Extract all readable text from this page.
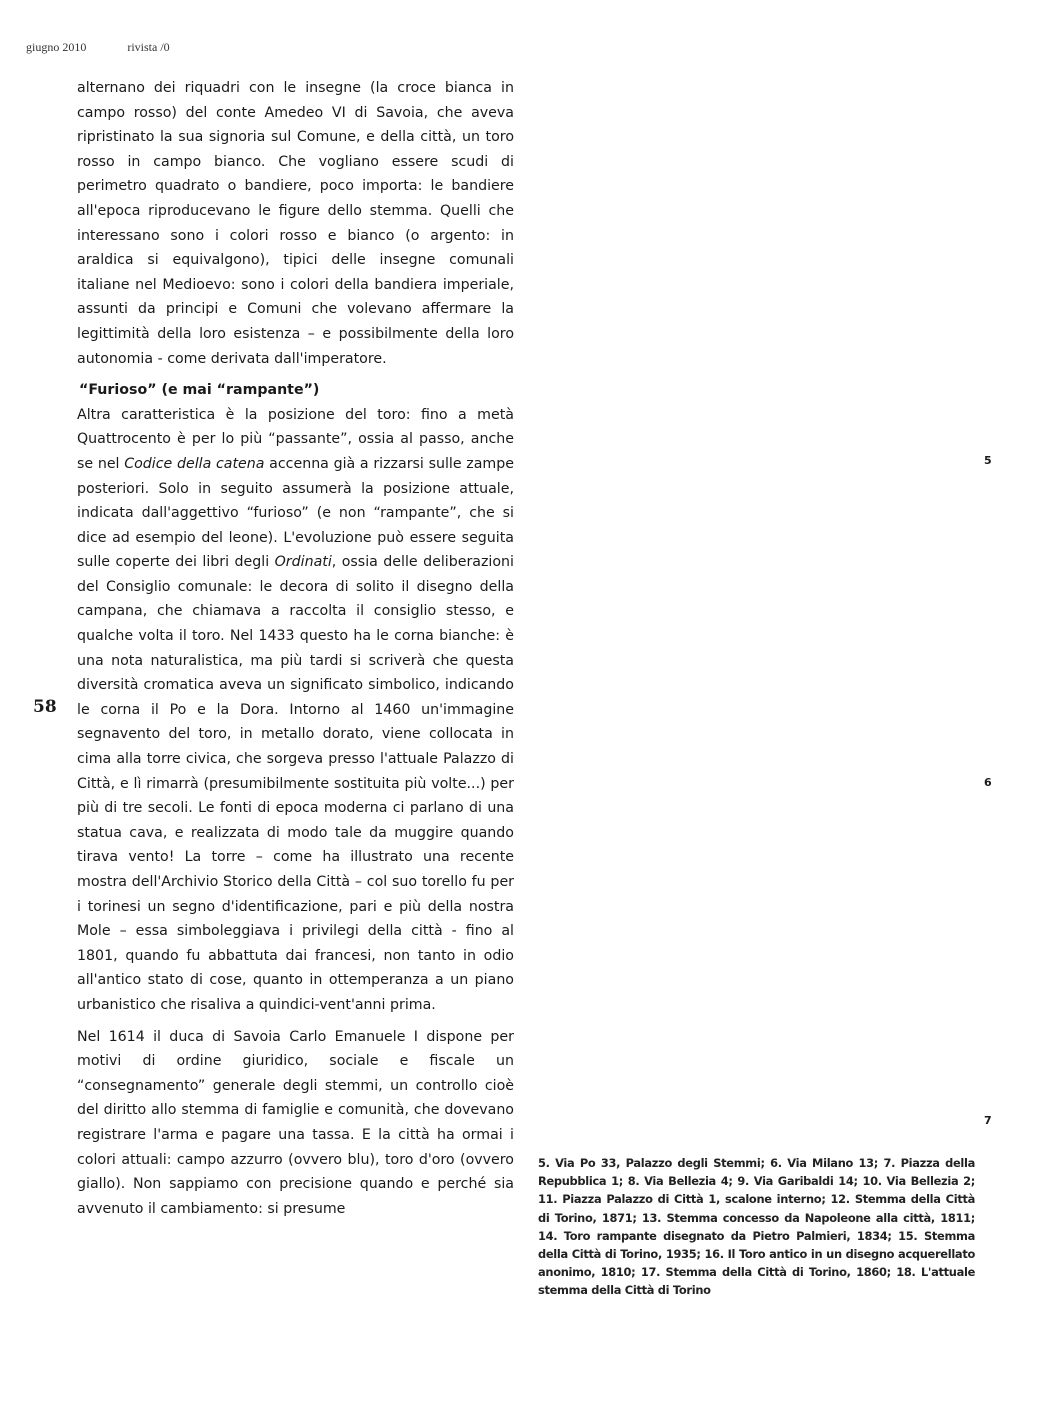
giugno 2010	rivista /0
58

alternano dei riquadri con le insegne (la croce bianca in campo rosso) del conte Amedeo VI di Savoia, che aveva ripristinato la sua signoria sul Comune, e della città, un toro rosso in campo bianco. Che vogliano essere scudi di perimetro quadrato o bandiere, poco importa: le bandiere all'epoca riproducevano le figure dello stemma. Quelli che interessano sono i colori rosso e bianco (o argento: in araldica si equivalgono), tipici delle insegne comunali italiane nel Medioevo: sono i colori della bandiera imperiale, assunti da principi e Comuni che volevano affermare la legittimità della loro esistenza – e possibilmente della loro autonomia - come derivata dall'imperatore.

“Furioso” (e mai “rampante”)

Altra caratteristica è la posizione del toro: fino a metà Quattrocento è per lo più “passante”, ossia al passo, anche se nel Codice della catena accenna già a rizzarsi sulle zampe posteriori. Solo in seguito assumerà la posizione attuale, indicata dall'aggettivo “furioso” (e non “rampante”, che si dice ad esempio del leone). L'evoluzione può essere seguita sulle coperte dei libri degli Ordinati, ossia delle deliberazioni del Consiglio comunale: le decora di solito il disegno della campana, che chiamava a raccolta il consiglio stesso, e qualche volta il toro. Nel 1433 questo ha le corna bianche: è una nota naturalistica, ma più tardi si scriverà che questa diversità cromatica aveva un significato simbolico, indicando le corna il Po e la Dora. Intorno al 1460 un'immagine segnavento del toro, in metallo dorato, viene collocata in cima alla torre civica, che sorgeva presso l'attuale Palazzo di Città, e lì rimarrà (presumibilmente sostituita più volte...) per più di tre secoli. Le fonti di epoca moderna ci parlano di una statua cava, e realizzata di modo tale da muggire quando tirava vento! La torre – come ha illustrato una recente mostra dell'Archivio Storico della Città – col suo torello fu per i torinesi un segno d'identificazione, pari e più della nostra Mole – essa simboleggiava i privilegi della città - fino al 1801, quando fu abbattuta dai francesi, non tanto in odio all'antico stato di cose, quanto in ottemperanza a un piano urbanistico che risaliva a quindici-vent'anni prima.

Nel 1614 il duca di Savoia Carlo Emanuele I dispone per motivi di ordine giuridico, sociale e fiscale un “consegnamento” generale degli stemmi, un controllo cioè del diritto allo stemma di famiglie e comunità, che dovevano registrare l'arma e pagare una tassa. E la città ha ormai i colori attuali: campo azzurro (ovvero blu), toro d'oro (ovvero giallo). Non sappiamo con precisione quando e perché sia avvenuto il cambiamento: si presume

5
6
7
5. Via Po 33, Palazzo degli Stemmi; 6. Via Milano 13; 7. Piazza della Repubblica 1; 8. Via Bellezia 4; 9. Via Garibaldi 14; 10. Via Bellezia 2; 11. Piazza Palazzo di Città 1, scalone interno; 12. Stemma della Città di Torino, 1871; 13. Stemma concesso da Napoleone alla città, 1811; 14. Toro rampante disegnato da Pietro Palmieri, 1834; 15. Stemma della Città di Torino, 1935; 16. Il Toro antico in un disegno acquerellato anonimo, 1810; 17. Stemma della Città di Torino, 1860; 18. L'attuale stemma della Città di Torino
